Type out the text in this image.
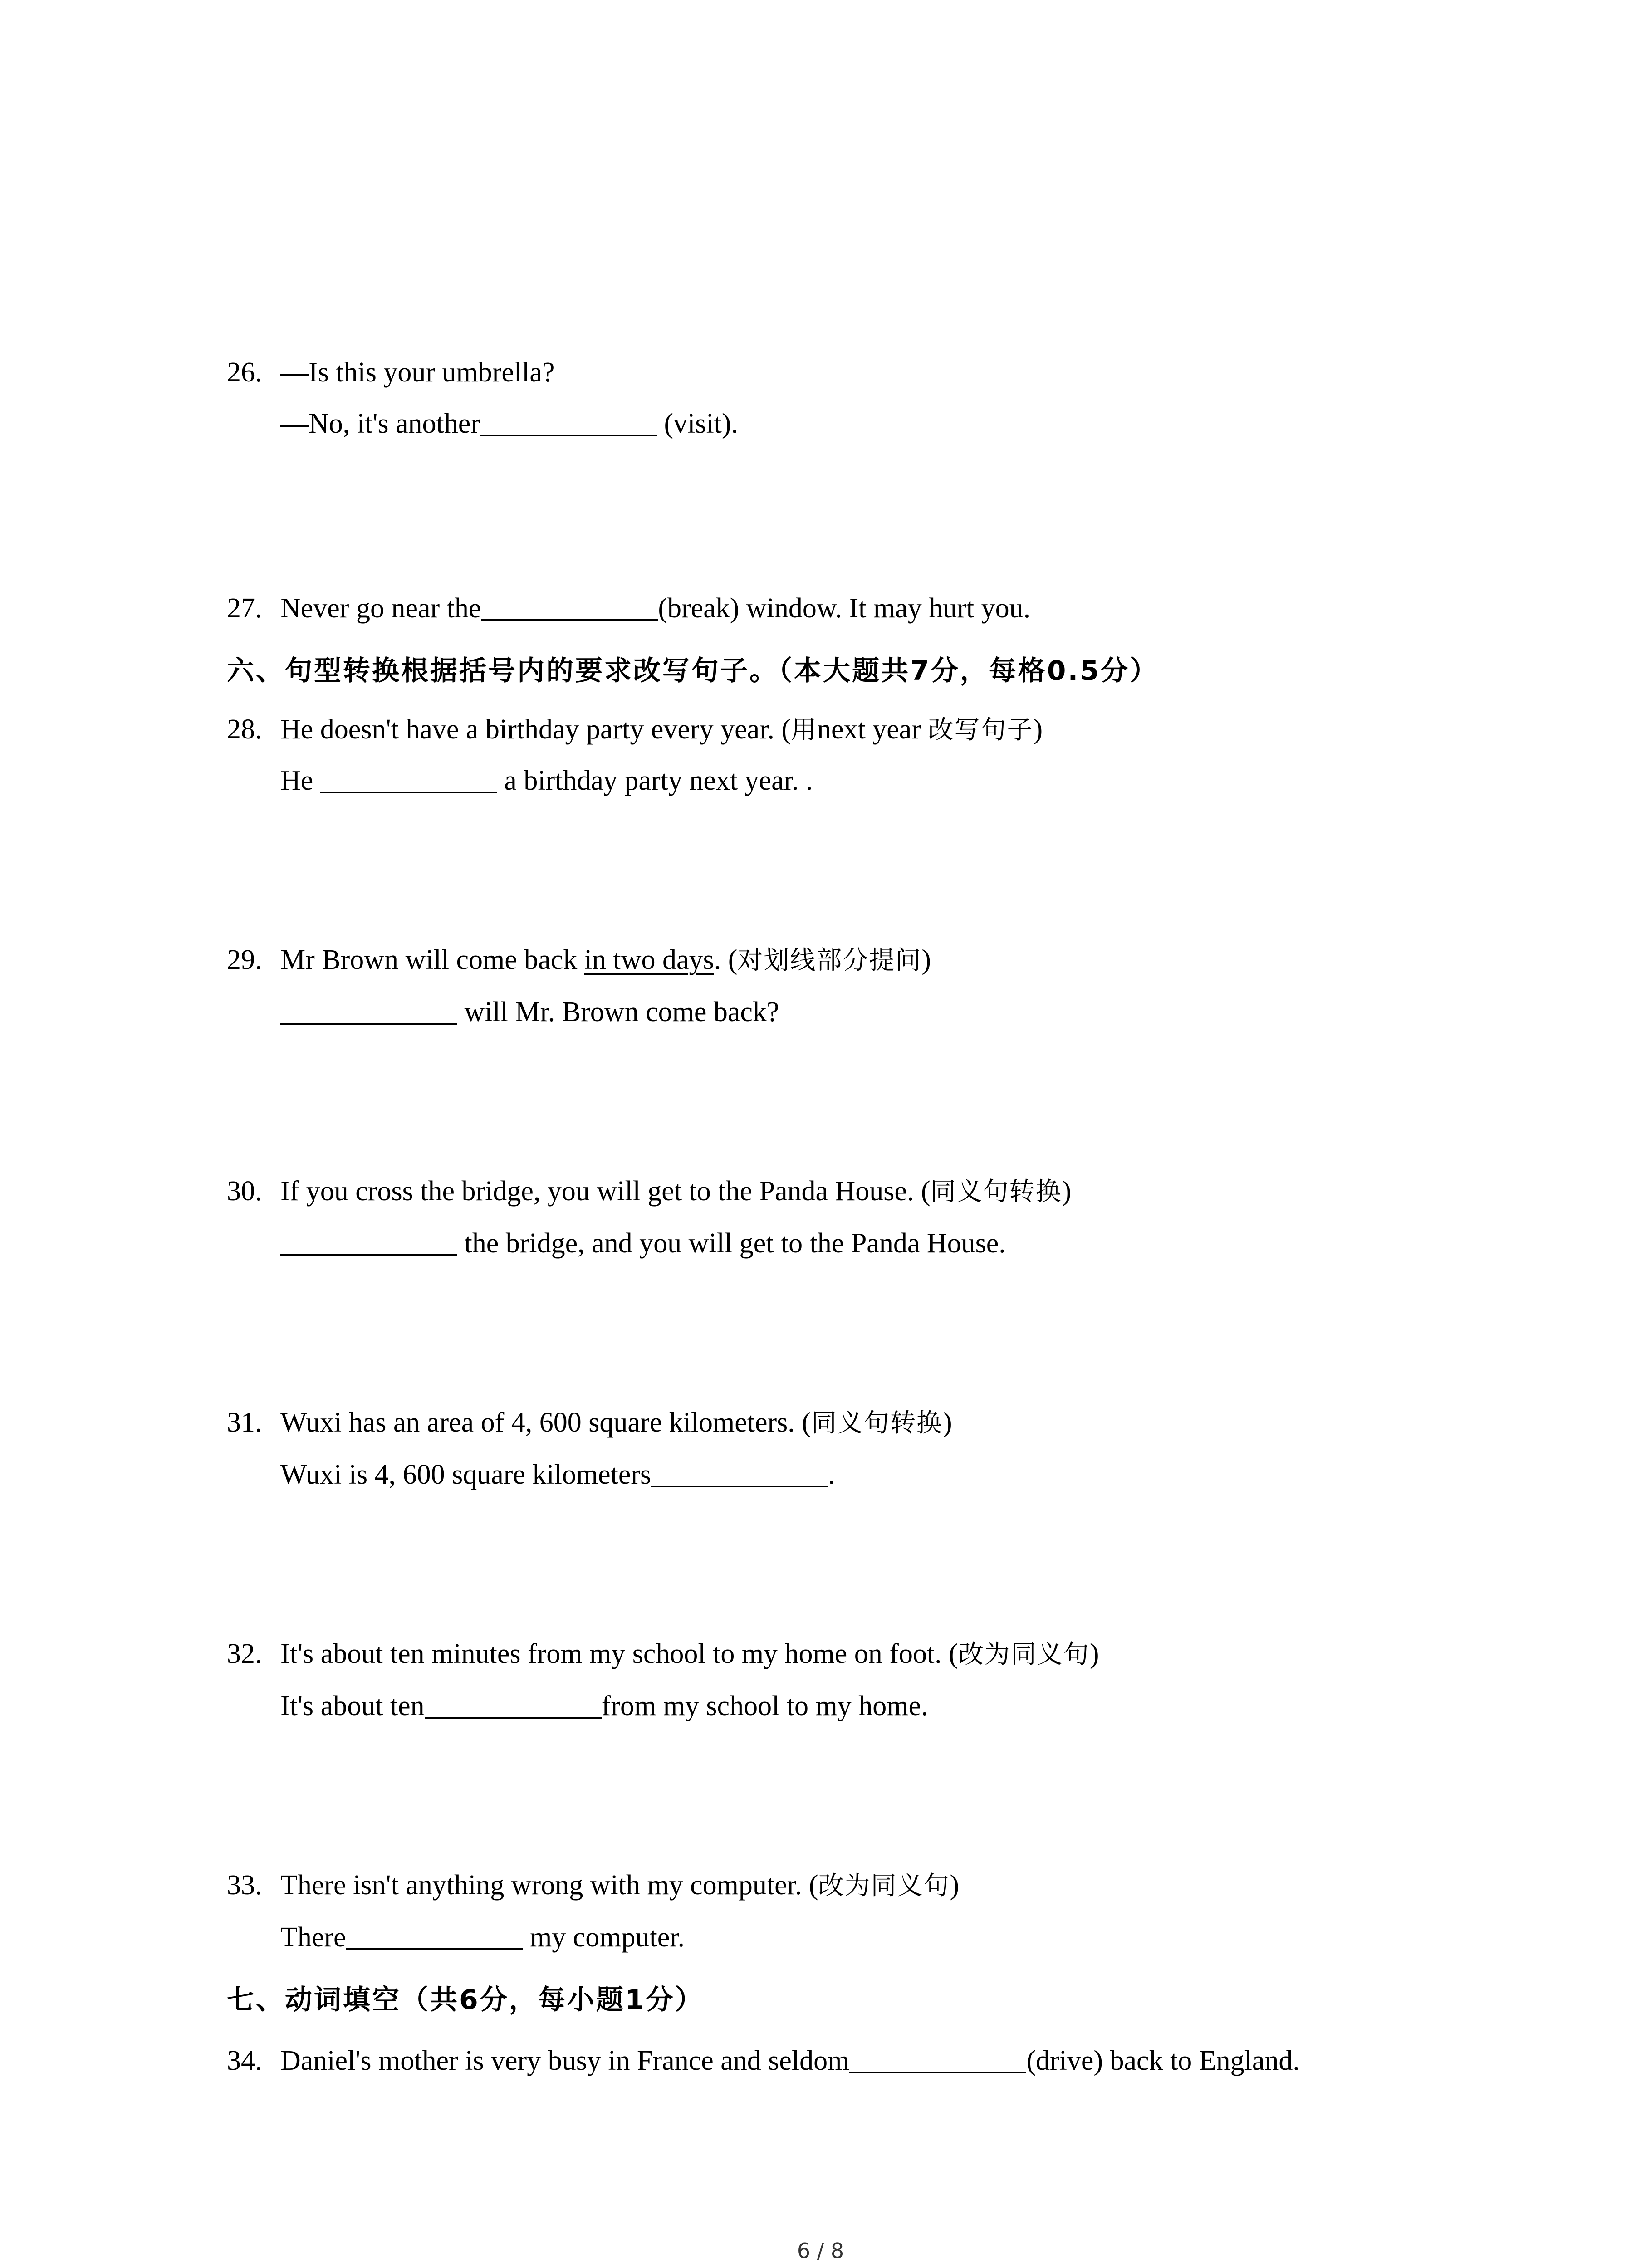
26. —Is this your umbrella?
—No, it's another	(visit).
27. Never go near the	(break) window. It may hurt you.
六、句型转换根据括号内的要求改写句子。（本大题共7分，每格0.5分）
28. He doesn't have a birthday party every year. (用next year 改写句子)
He	a birthday party next year. .
29. Mr Brown will come back in two days. (对划线部分提问)
will Mr. Brown come back?
30. If you cross the bridge, you will get to the Panda House. (同义句转换)
the bridge, and you will get to the Panda House.
31. Wuxi has an area of 4, 600 square kilometers. (同义句转换)
Wuxi is 4, 600 square kilometers	.
32. It's about ten minutes from my school to my home on foot. (改为同义句)
It's about ten	from my school to my home.
33. There isn't anything wrong with my computer. (改为同义句)
There	my computer.
七、动词填空（共6分，每小题1分）
34. Daniel's mother is very busy in France and seldom	(drive) back to England.
6 / 8
